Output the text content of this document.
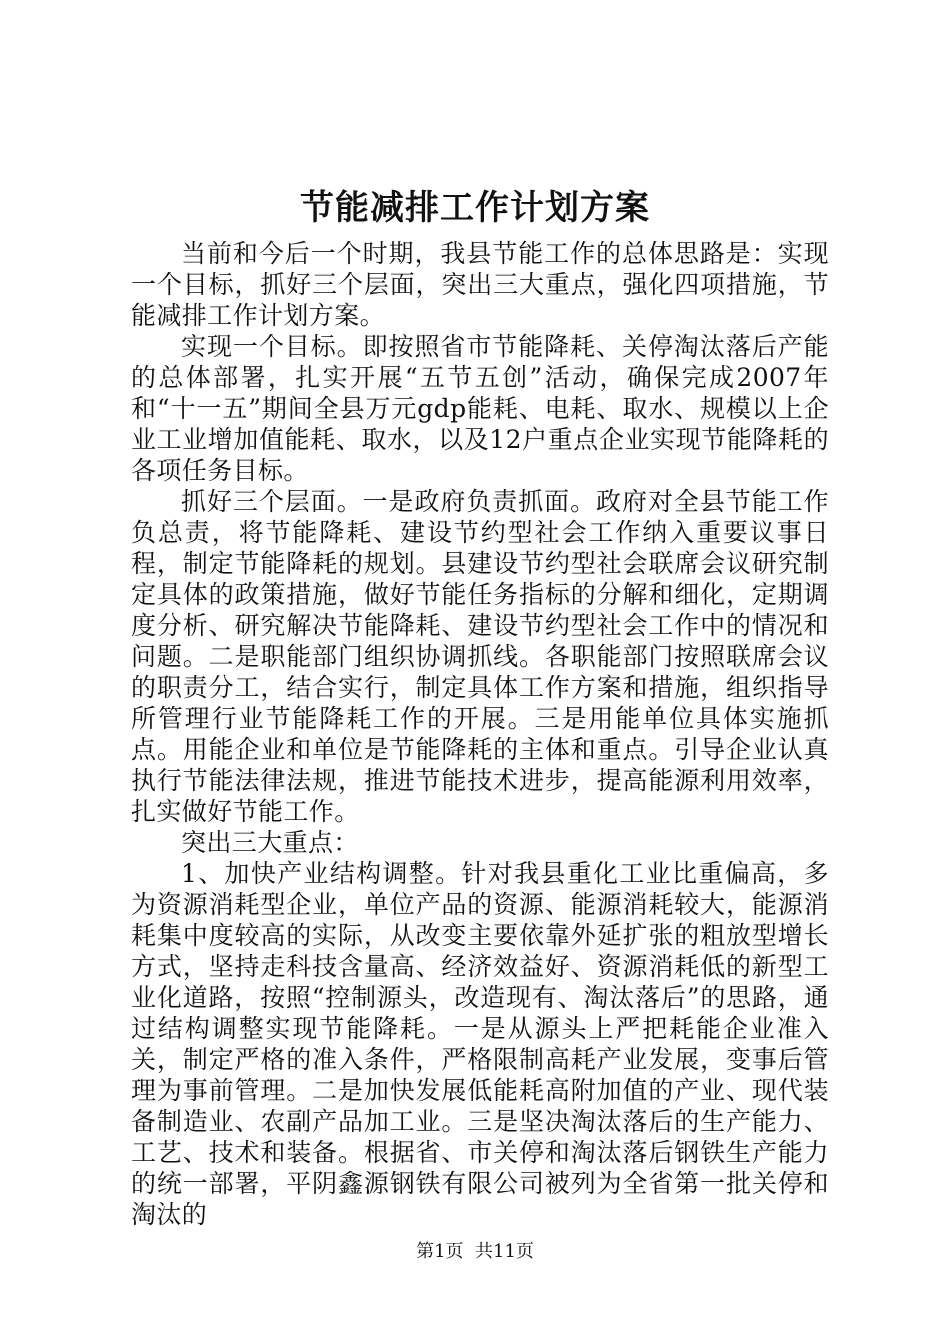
节能减排工作计划方案

当前和今后一个时期，我县节能工作的总体思路是：实现一个目标，抓好三个层面，突出三大重点，强化四项措施，节能减排工作计划方案。

实现一个目标。即按照省市节能降耗、关停淘汰落后产能的总体部署，扎实开展“五节五创”活动，确保完成2007年和“十一五”期间全县万元gdp能耗、电耗、取水、规模以上企业工业增加值能耗、取水，以及12户重点企业实现节能降耗的各项任务目标。

抓好三个层面。一是政府负责抓面。政府对全县节能工作负总责，将节能降耗、建设节约型社会工作纳入重要议事日程，制定节能降耗的规划。县建设节约型社会联席会议研究制定具体的政策措施，做好节能任务指标的分解和细化，定期调度分析、研究解决节能降耗、建设节约型社会工作中的情况和问题。二是职能部门组织协调抓线。各职能部门按照联席会议的职责分工，结合实行，制定具体工作方案和措施，组织指导所管理行业节能降耗工作的开展。三是用能单位具体实施抓点。用能企业和单位是节能降耗的主体和重点。引导企业认真执行节能法律法规，推进节能技术进步，提高能源利用效率，扎实做好节能工作。

突出三大重点：

1、加快产业结构调整。针对我县重化工业比重偏高，多为资源消耗型企业，单位产品的资源、能源消耗较大，能源消耗集中度较高的实际，从改变主要依靠外延扩张的粗放型增长方式，坚持走科技含量高、经济效益好、资源消耗低的新型工业化道路，按照“控制源头，改造现有、淘汰落后”的思路，通过结构调整实现节能降耗。一是从源头上严把耗能企业准入关，制定严格的准入条件，严格限制高耗产业发展，变事后管理为事前管理。二是加快发展低能耗高附加值的产业、现代装备制造业、农副产品加工业。三是坚决淘汰落后的生产能力、工艺、技术和装备。根据省、市关停和淘汰落后钢铁生产能力的统一部署，平阴鑫源钢铁有限公司被列为全省第一批关停和淘汰的

第1页 共11页
